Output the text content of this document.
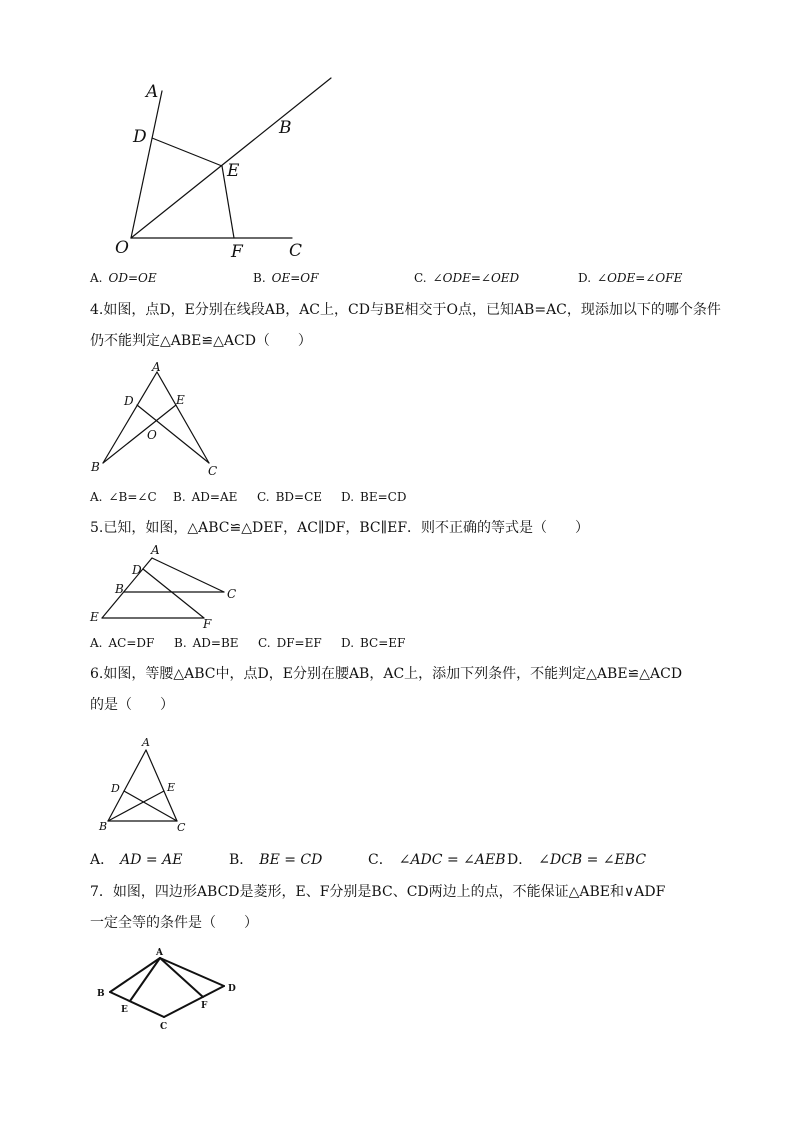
A
D	B
E
O	F	C
A. OD=OE	B. OE=OF	C. ∠ODE=∠OED	D. ∠ODE=∠OFE
4.如图，点D，E分别在线段AB，AC上，CD与BE相交于O点，已知AB=AC，现添加以下的哪个条件
仍不能判定△ABE≌△ACD（　　）
A
D	E
O
B	C
A. ∠B=∠C B. AD=AE C. BD=CE D. BE=CD
5.已知，如图，△ABC≌△DEF，AC∥DF，BC∥EF．则不正确的等式是（　　）
A
D
B	C
E	F
A. AC=DF B. AD=BE C. DF=EF D. BC=EF
6.如图，等腰△ABC中，点D，E分别在腰AB，AC上，添加下列条件，不能判定△ABE≌△ACD
的是（　　）
A
D	E
B	C
A． AD = AE	B． BE = CD	C． ∠ADC = ∠AEB D． ∠DCB = ∠EBC
7．如图，四边形ABCD是菱形，E、F分别是BC、CD两边上的点，不能保证△ABE和∨ADF
一定全等的条件是（　　）
A
B	D
E	F
C
